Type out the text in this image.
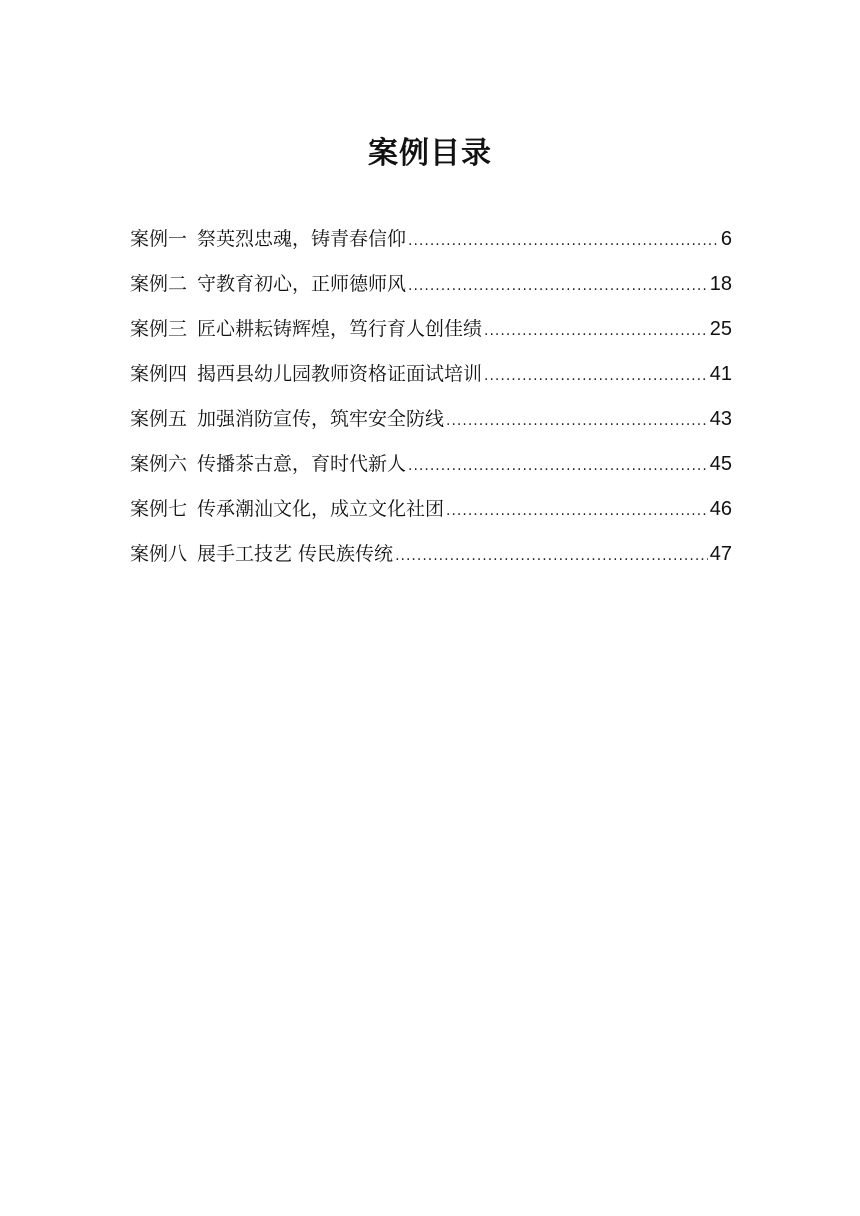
案例目录
案例一 祭英烈忠魂，铸青春信仰 .....	6
案例二 守教育初心，正师德师风 .....	18
案例三 匠心耕耘铸辉煌，笃行育人创佳绩 .....	25
案例四 揭西县幼儿园教师资格证面试培训 .....	41
案例五 加强消防宣传，筑牢安全防线 .....	43
案例六 传播茶古意，育时代新人 .....	45
案例七 传承潮汕文化，成立文化社团 .....	46
案例八 展手工技艺 传民族传统 .....	47
